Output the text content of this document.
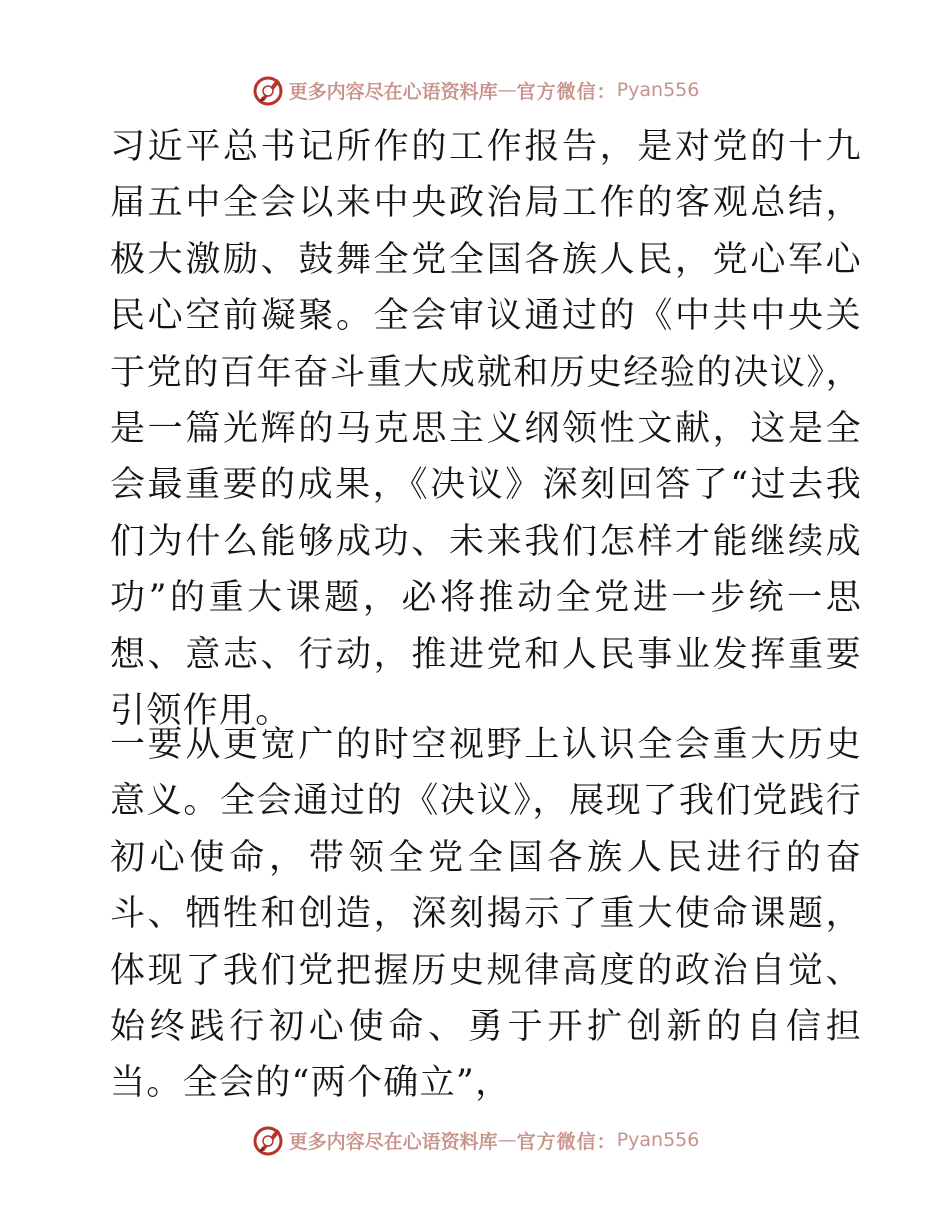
更多内容尽在心语资料库 — 官方微信： Pyan556

习近平总书记所作的工作报告，是对党的十九届五中全会以来中央政治局工作的客观总结，极大激励、鼓舞全党全国各族人民，党心军心民心空前凝聚。全会审议通过的《中共中央关于党的百年奋斗重大成就和历史经验的决议》，是一篇光辉的马克思主义纲领性文献，这是全会最重要的成果，《决议》深刻回答了“过去我们为什么能够成功、未来我们怎样才能继续成功”的重大课题，必将推动全党进一步统一思想、意志、行动，推进党和人民事业发挥重要引领作用。

一要从更宽广的时空视野上认识全会重大历史意义。全会通过的《决议》，展现了我们党践行初心使命，带领全党全国各族人民进行的奋斗、牺牲和创造，深刻揭示了重大使命课题，体现了我们党把握历史规律高度的政治自觉、始终践行初心使命、勇于开扩创新的自信担当。全会的“两个确立”，

更多内容尽在心语资料库 — 官方微信： Pyan556
